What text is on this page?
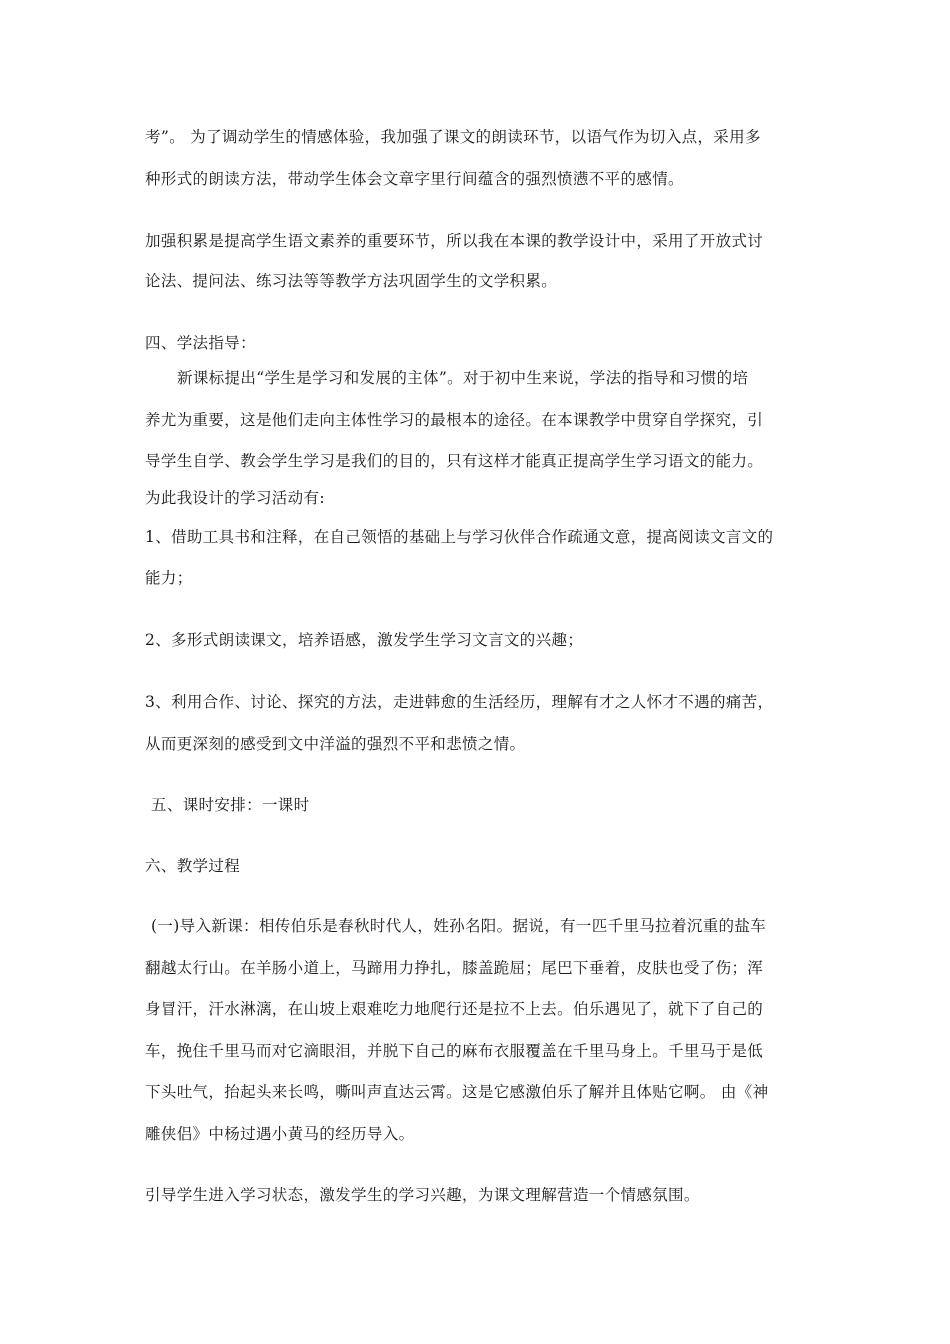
考”。 为了调动学生的情感体验，我加强了课文的朗读环节，以语气作为切入点，采用多
种形式的朗读方法，带动学生体会文章字里行间蕴含的强烈愤懑不平的感情。
加强积累是提高学生语文素养的重要环节，所以我在本课的教学设计中，采用了开放式讨
论法、提问法、练习法等等教学方法巩固学生的文学积累。
四、学法指导：
新课标提出“学生是学习和发展的主体”。对于初中生来说，学法的指导和习惯的培
养尤为重要，这是他们走向主体性学习的最根本的途径。在本课教学中贯穿自学探究，引
导学生自学、教会学生学习是我们的目的，只有这样才能真正提高学生学习语文的能力。
为此我设计的学习活动有:
1、借助工具书和注释，在自己领悟的基础上与学习伙伴合作疏通文意，提高阅读文言文的
能力；
2、多形式朗读课文，培养语感，激发学生学习文言文的兴趣；
3、利用合作、讨论、探究的方法，走进韩愈的生活经历，理解有才之人怀才不遇的痛苦，
从而更深刻的感受到文中洋溢的强烈不平和悲愤之情。
五、课时安排：一课时
六、教学过程
(一)导入新课：相传伯乐是春秋时代人，姓孙名阳。据说，有一匹千里马拉着沉重的盐车
翻越太行山。在羊肠小道上，马蹄用力挣扎，膝盖跪屈；尾巴下垂着，皮肤也受了伤；浑
身冒汗，汗水淋漓，在山坡上艰难吃力地爬行还是拉不上去。伯乐遇见了，就下了自己的
车，挽住千里马而对它滴眼泪，并脱下自己的麻布衣服覆盖在千里马身上。千里马于是低
下头吐气，抬起头来长鸣，嘶叫声直达云霄。这是它感激伯乐了解并且体贴它啊。 由《神
雕侠侣》中杨过遇小黄马的经历导入。
引导学生进入学习状态，激发学生的学习兴趣，为课文理解营造一个情感氛围。
